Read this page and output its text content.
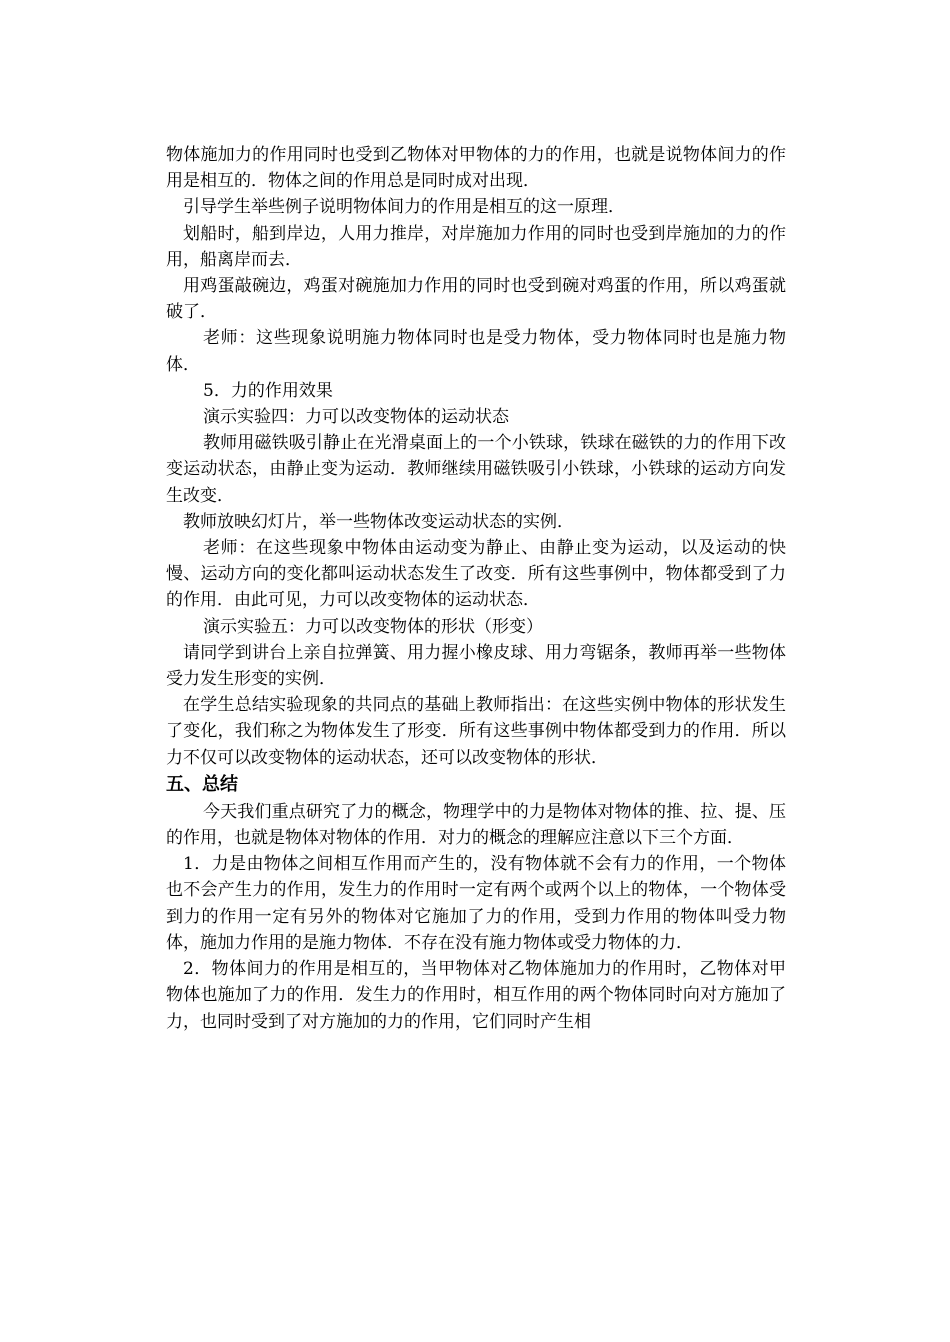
物体施加力的作用同时也受到乙物体对甲物体的力的作用，也就是说物体间力的作用是相互的．物体之间的作用总是同时成对出现．

引导学生举些例子说明物体间力的作用是相互的这一原理．

划船时，船到岸边，人用力推岸，对岸施加力作用的同时也受到岸施加的力的作用，船离岸而去．

用鸡蛋敲碗边，鸡蛋对碗施加力作用的同时也受到碗对鸡蛋的作用，所以鸡蛋就破了．

老师：这些现象说明施力物体同时也是受力物体，受力物体同时也是施力物体．

5．力的作用效果

演示实验四：力可以改变物体的运动状态

教师用磁铁吸引静止在光滑桌面上的一个小铁球，铁球在磁铁的力的作用下改变运动状态，由静止变为运动．教师继续用磁铁吸引小铁球，小铁球的运动方向发生改变．

教师放映幻灯片，举一些物体改变运动状态的实例．

老师：在这些现象中物体由运动变为静止、由静止变为运动，以及运动的快慢、运动方向的变化都叫运动状态发生了改变．所有这些事例中，物体都受到了力的作用．由此可见，力可以改变物体的运动状态．

演示实验五：力可以改变物体的形状（形变）

请同学到讲台上亲自拉弹簧、用力握小橡皮球、用力弯锯条，教师再举一些物体受力发生形变的实例．

在学生总结实验现象的共同点的基础上教师指出：在这些实例中物体的形状发生了变化，我们称之为物体发生了形变．所有这些事例中物体都受到力的作用．所以力不仅可以改变物体的运动状态，还可以改变物体的形状．

五、总结

今天我们重点研究了力的概念，物理学中的力是物体对物体的推、拉、提、压的作用，也就是物体对物体的作用．对力的概念的理解应注意以下三个方面．

1．力是由物体之间相互作用而产生的，没有物体就不会有力的作用，一个物体也不会产生力的作用，发生力的作用时一定有两个或两个以上的物体，一个物体受到力的作用一定有另外的物体对它施加了力的作用，受到力作用的物体叫受力物体，施加力作用的是施力物体．不存在没有施力物体或受力物体的力．

2．物体间力的作用是相互的，当甲物体对乙物体施加力的作用时，乙物体对甲物体也施加了力的作用．发生力的作用时，相互作用的两个物体同时向对方施加了力，也同时受到了对方施加的力的作用，它们同时产生相
